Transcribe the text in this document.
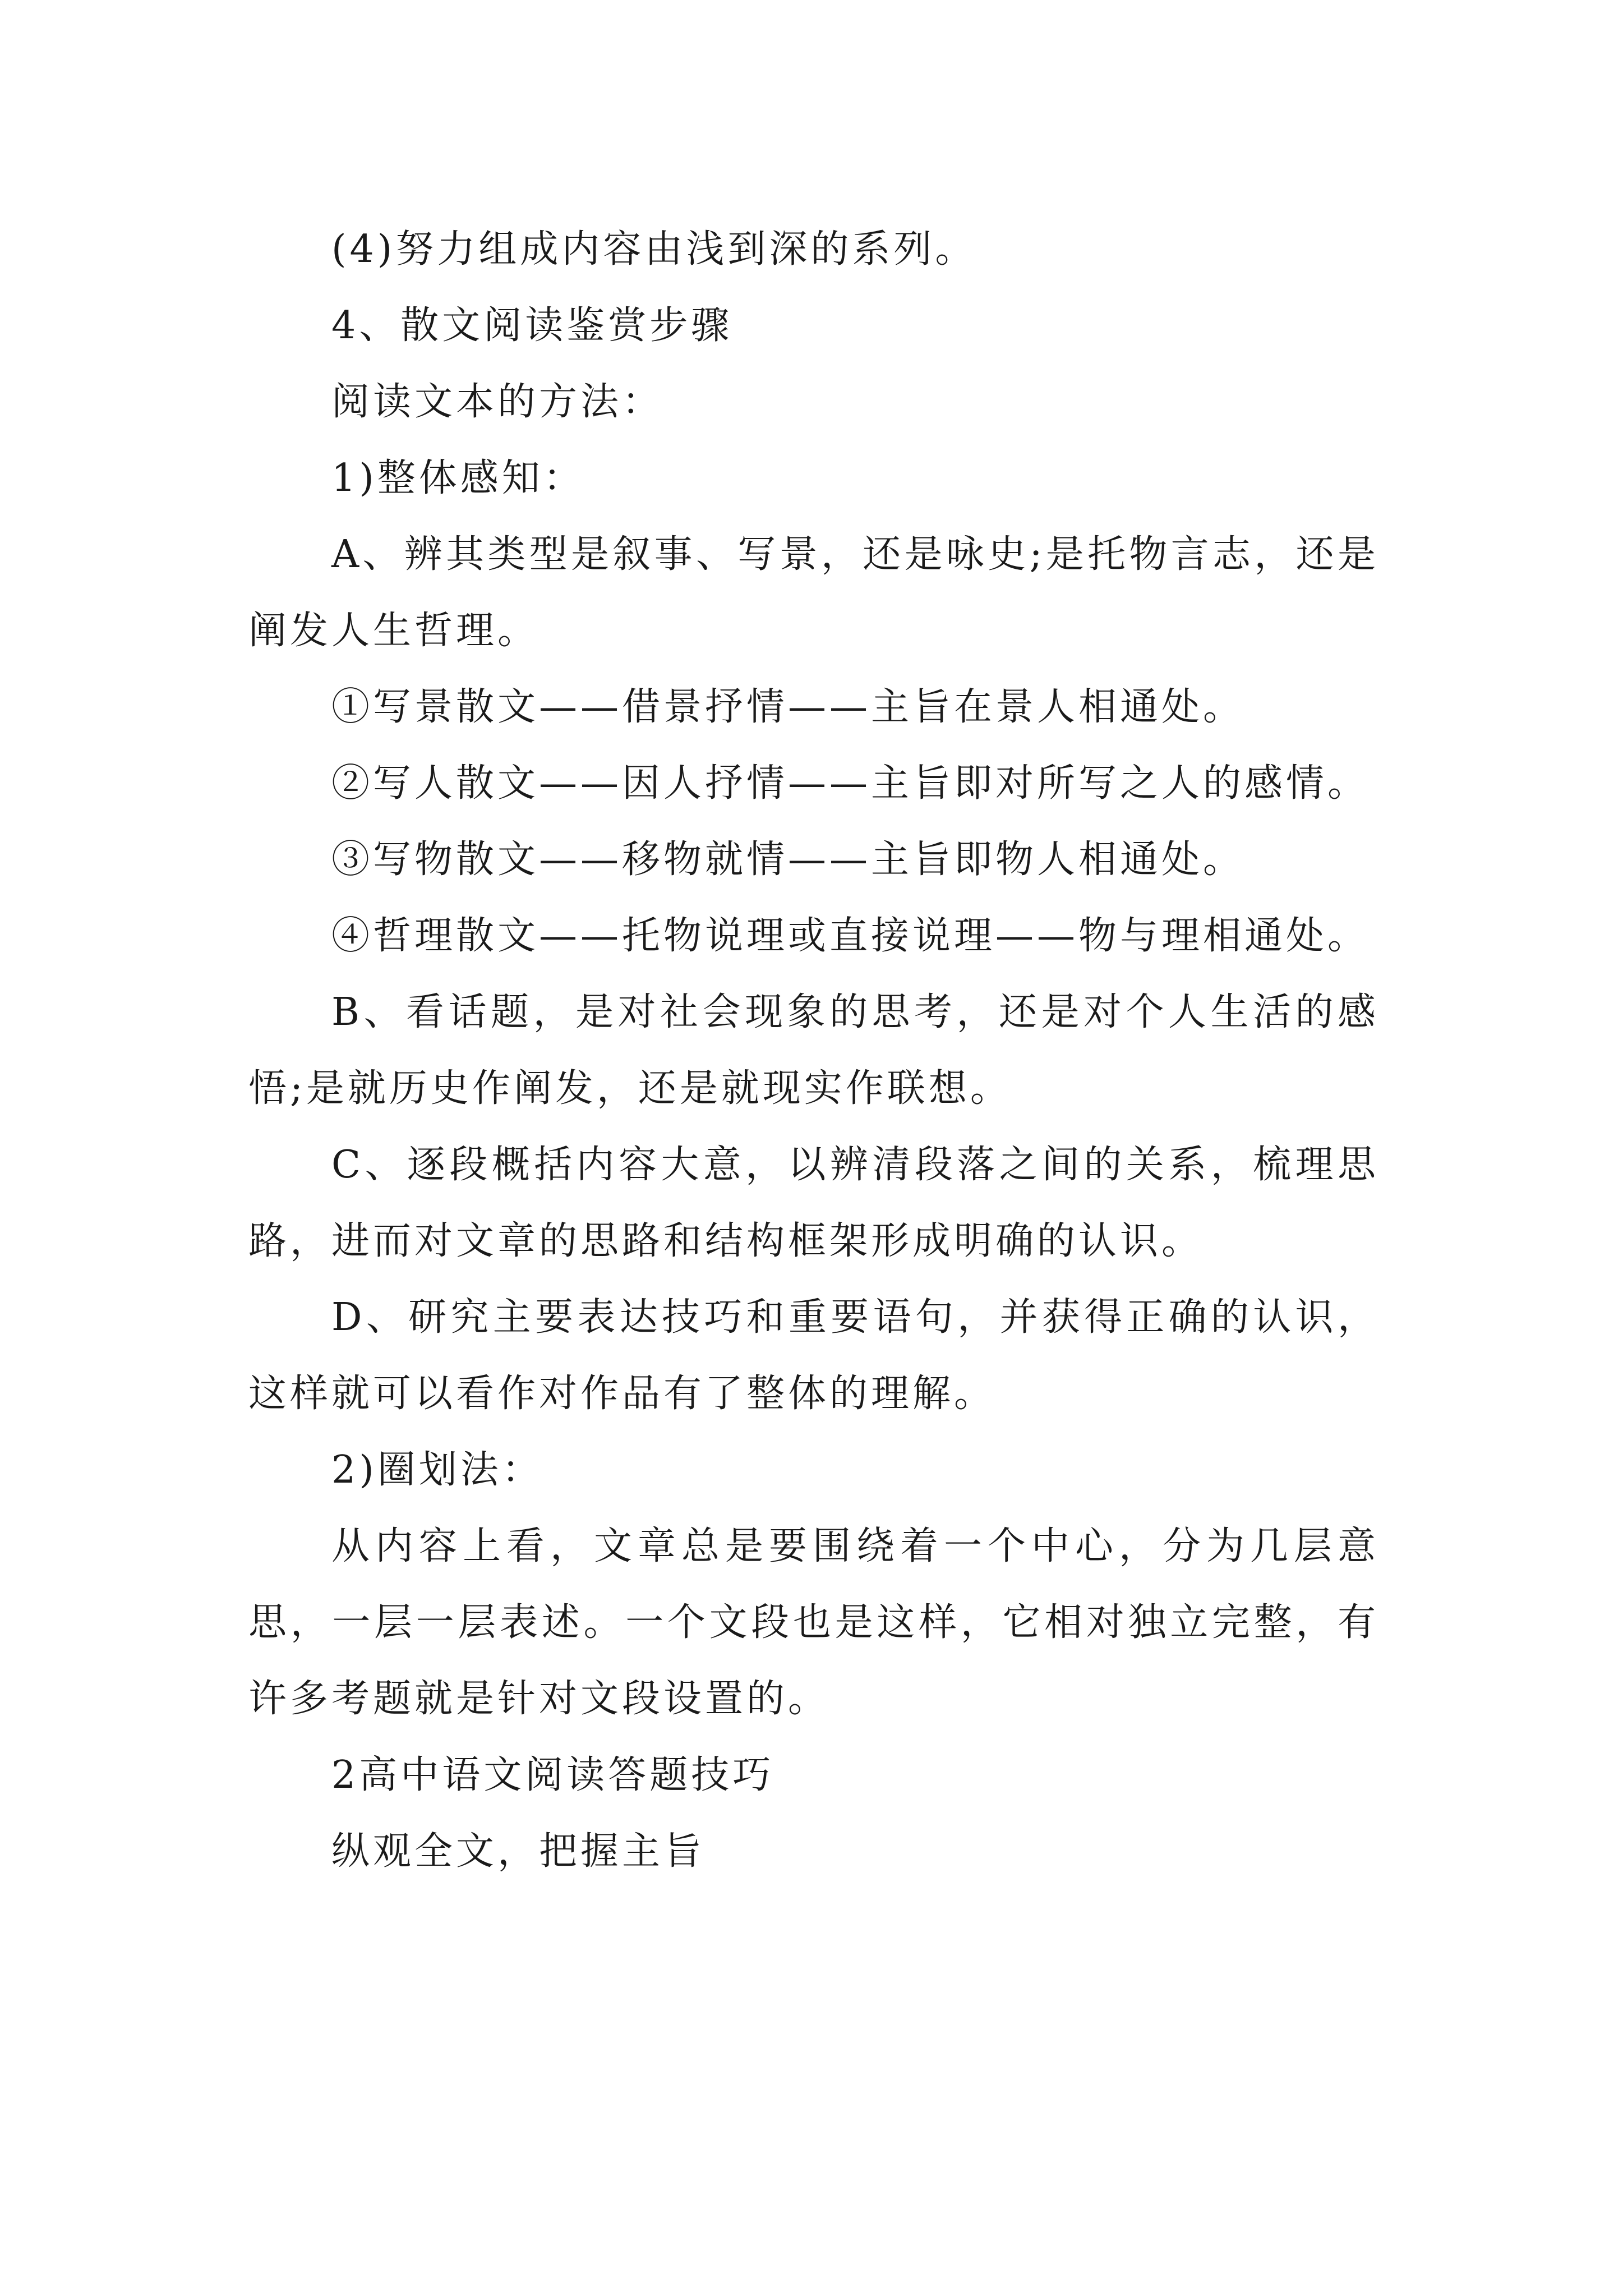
(4)努力组成内容由浅到深的系列。

4、散文阅读鉴赏步骤

阅读文本的方法：

1)整体感知：

A、辨其类型是叙事、写景，还是咏史;是托物言志，还是阐发人生哲理。

①写景散文——借景抒情——主旨在景人相通处。

②写人散文——因人抒情——主旨即对所写之人的感情。

③写物散文——移物就情——主旨即物人相通处。

④哲理散文——托物说理或直接说理——物与理相通处。

B、看话题，是对社会现象的思考，还是对个人生活的感悟;是就历史作阐发，还是就现实作联想。

C、逐段概括内容大意，以辨清段落之间的关系，梳理思路，进而对文章的思路和结构框架形成明确的认识。

D、研究主要表达技巧和重要语句，并获得正确的认识，这样就可以看作对作品有了整体的理解。

2)圈划法：

从内容上看，文章总是要围绕着一个中心，分为几层意思，一层一层表述。一个文段也是这样，它相对独立完整，有许多考题就是针对文段设置的。

2高中语文阅读答题技巧

纵观全文，把握主旨
